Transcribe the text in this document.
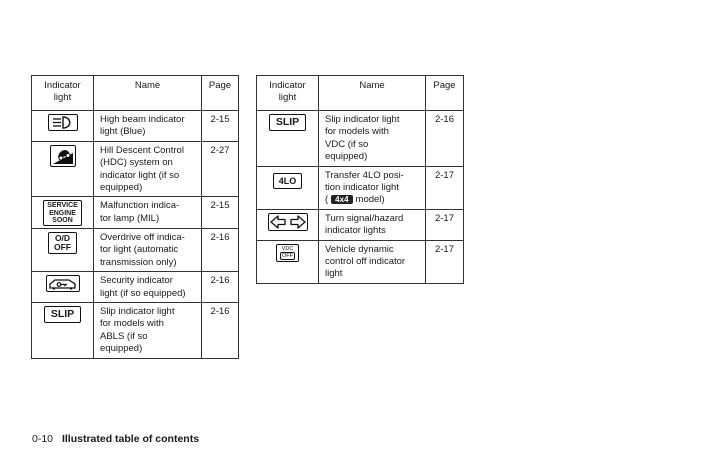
Indicator
light	Name	Page

	High beam indicator
light (Blue)	2-15

	Hill Descent Control
(HDC) system on
indicator light (if so
equipped)	2-27
SERVICE
ENGINE
SOON	Malfunction indica-
tor lamp (MIL)	2-15
O/D
OFF	Overdrive off indica-
tor light (automatic
transmission only)	2-16

	Security indicator
light (if so equipped)	2-16
SLIP	Slip indicator light
for models with
ABLS (if so
equipped)	2-16
Indicator
light	Name	Page
SLIP	Slip indicator light
for models with
VDC (if so
equipped)	2-16
4LO	Transfer 4LO posi-
tion indicator light
( 4x4 model)	2-17

	Turn signal/hazard
indicator lights	2-17
VDC
OFF	Vehicle dynamic
control off indicator
light	2-17
0-10 Illustrated table of contents
